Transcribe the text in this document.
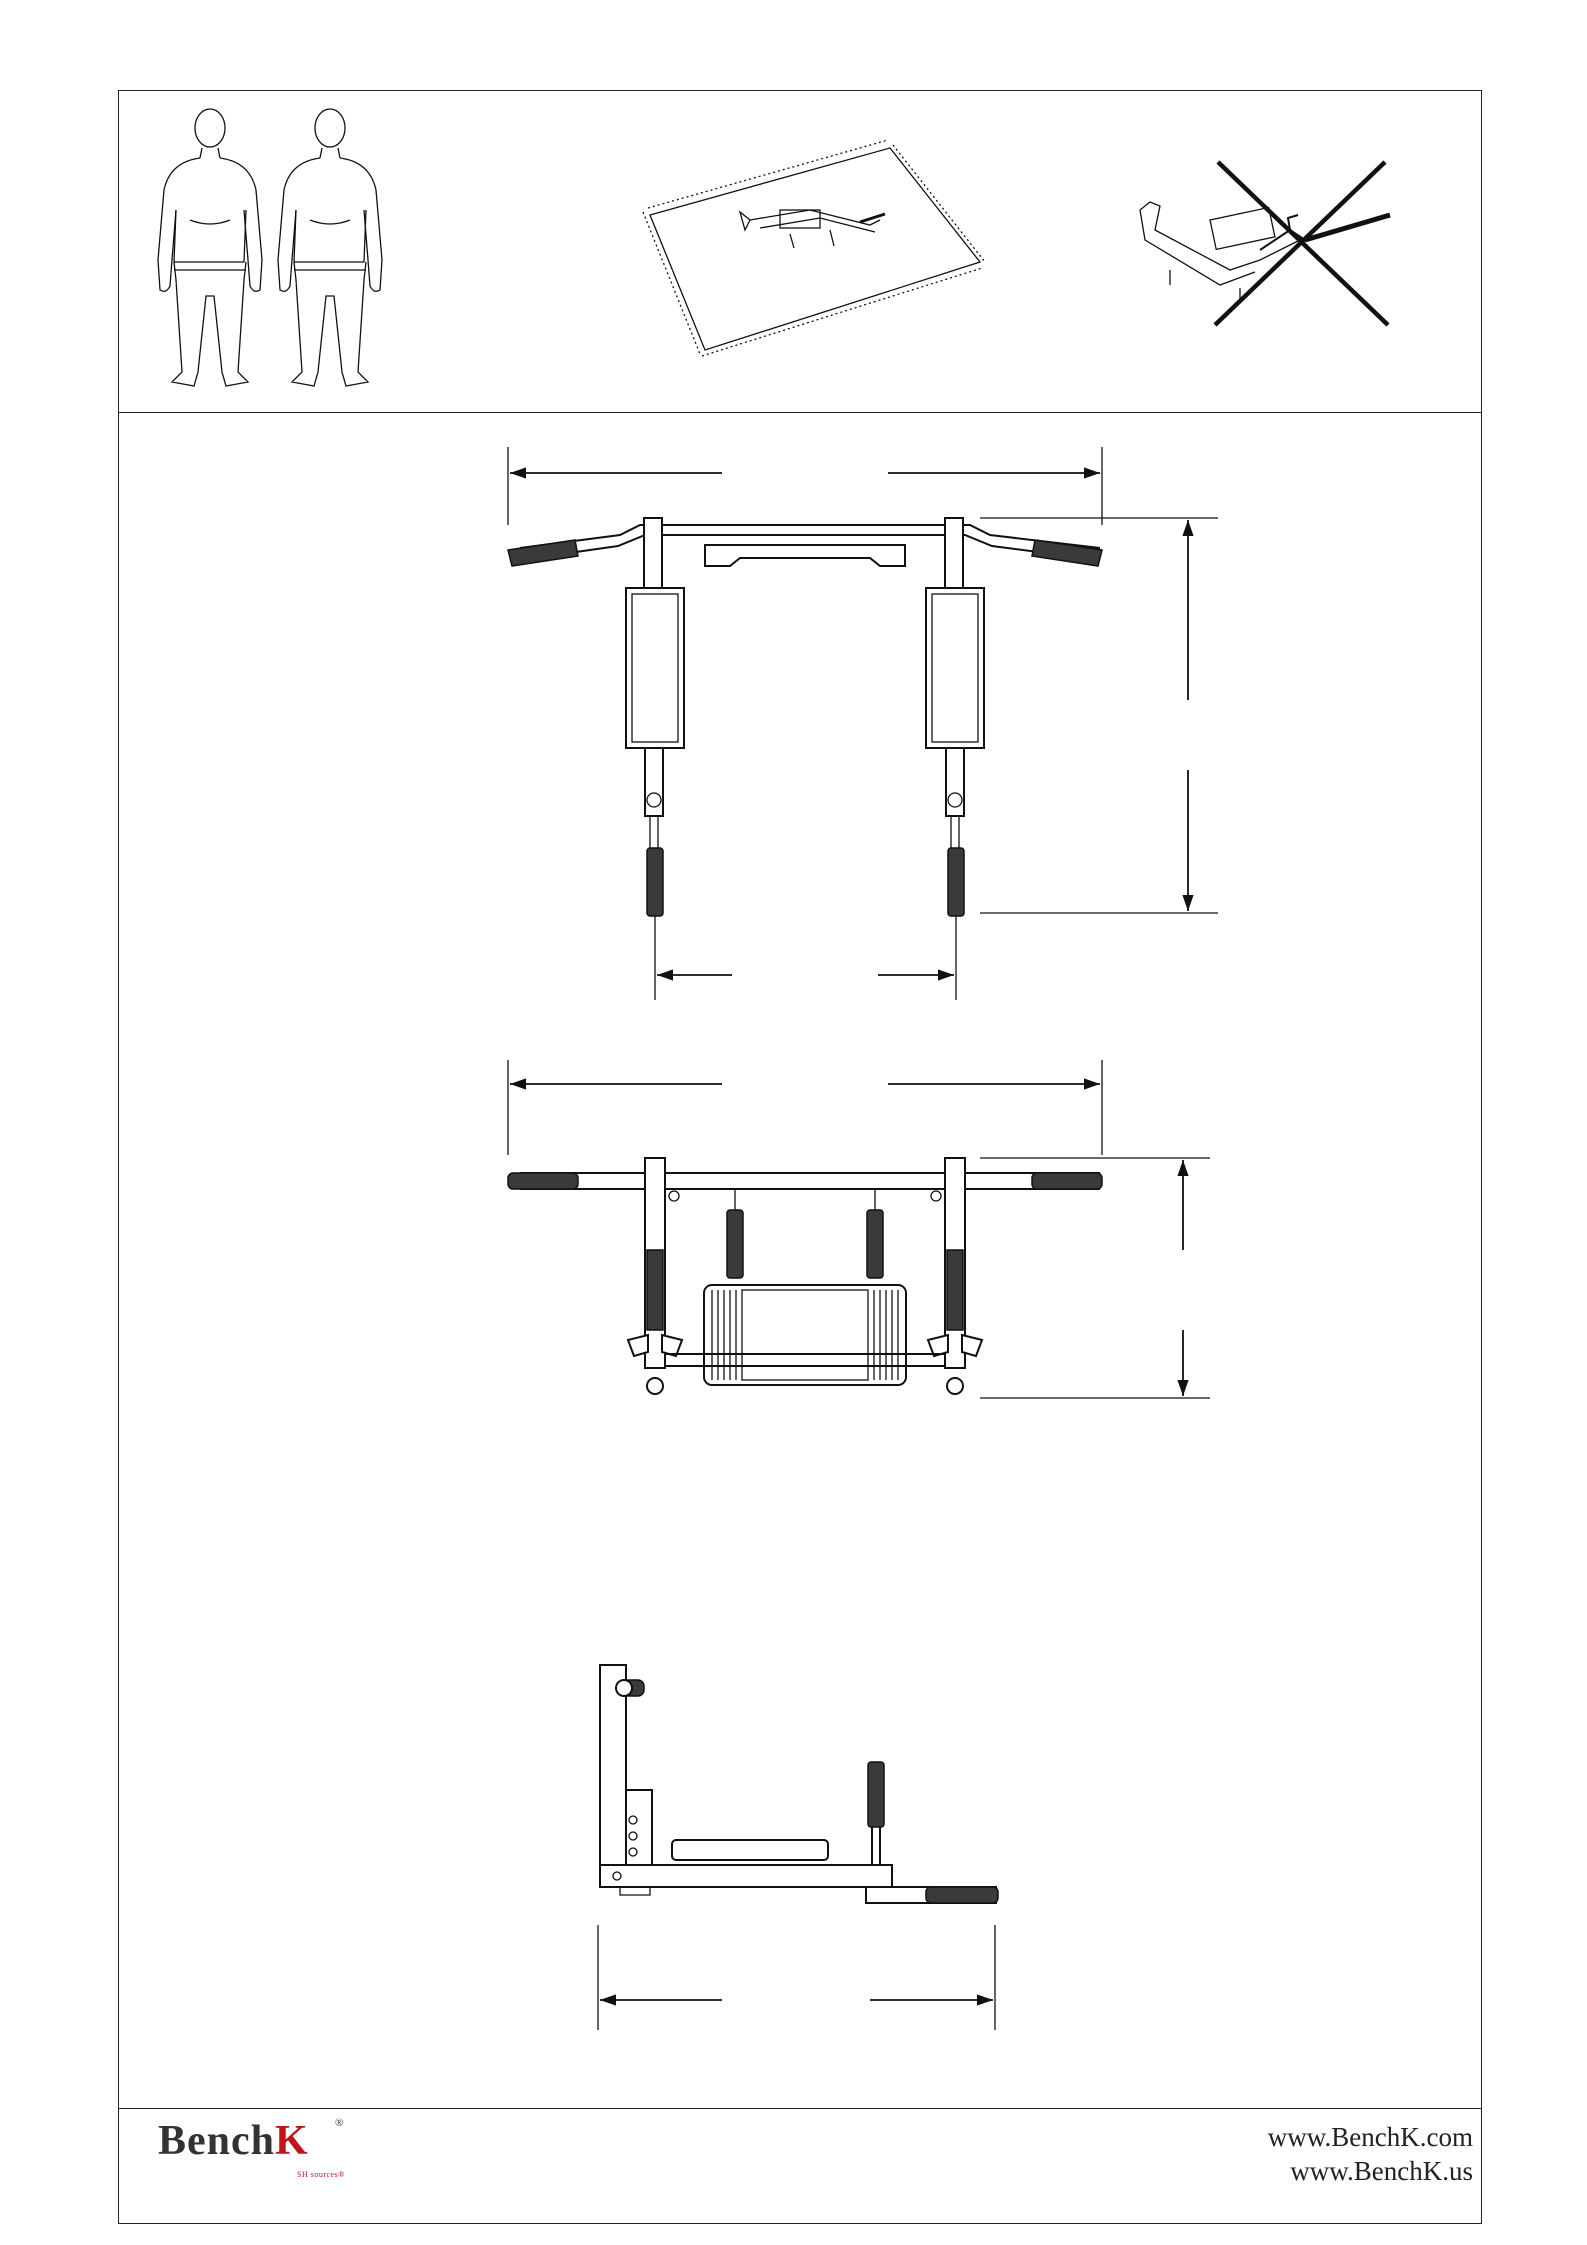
BenchK ®
SH sources®
www.BenchK.com
www.BenchK.us
